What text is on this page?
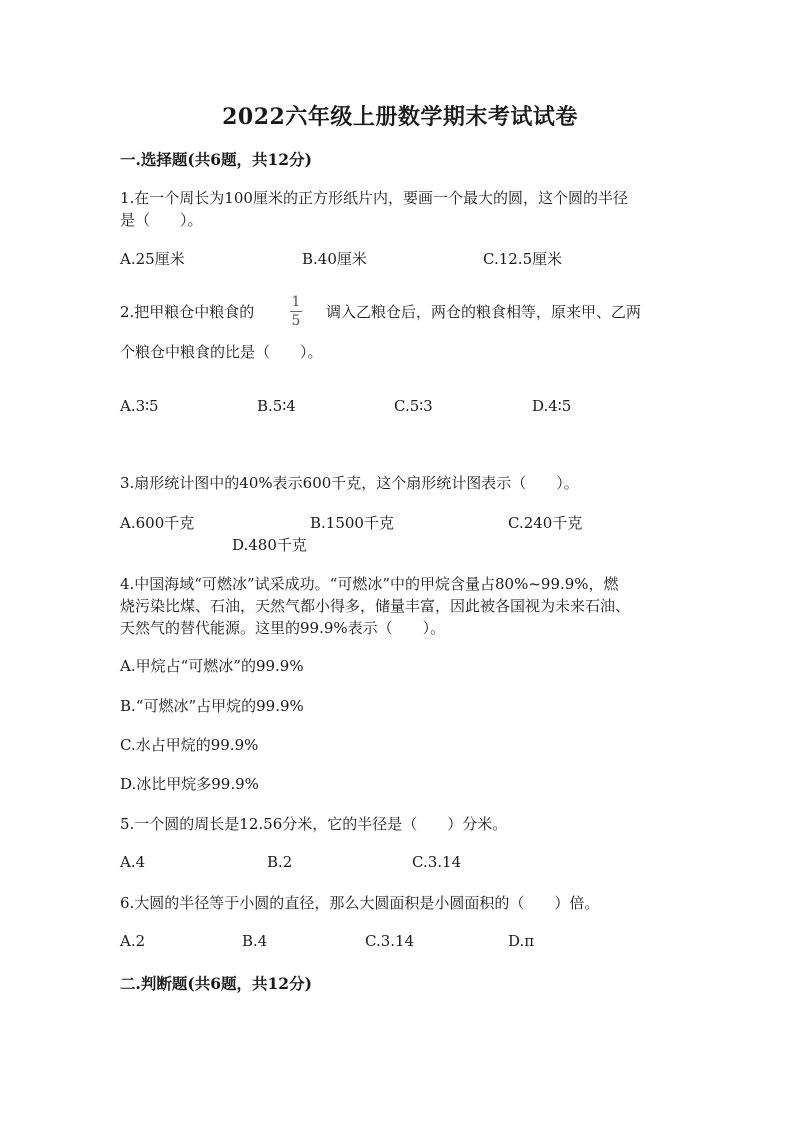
2022六年级上册数学期末考试试卷
一.选择题(共6题，共12分)
1.在一个周长为100厘米的正方形纸片内，要画一个最大的圆，这个圆的半径
是（　　）。
A.25厘米	B.40厘米	C.12.5厘米
2.把甲粮仓中粮食的
1
5 调入乙粮仓后，两仓的粮食相等，原来甲、乙两
个粮仓中粮食的比是（　　）。
A.3∶5	B.5∶4	C.5∶3	D.4∶5
3.扇形统计图中的40%表示600千克，这个扇形统计图表示（　　）。
A.600千克	B.1500千克	C.240千克
D.480千克
4.中国海域“可燃冰”试采成功。“可燃冰”中的甲烷含量占80%~99.9%，燃
烧污染比煤、石油，天然气都小得多，储量丰富，因此被各国视为未来石油、
天然气的替代能源。这里的99.9%表示（　　）。
A.甲烷占“可燃冰”的99.9%
B.“可燃冰”占甲烷的99.9%
C.水占甲烷的99.9%
D.冰比甲烷多99.9%
5.一个圆的周长是12.56分米，它的半径是（　　）分米。
A.4	B.2	C.3.14
6.大圆的半径等于小圆的直径，那么大圆面积是小圆面积的（　　）倍。
A.2	B.4	C.3.14	D.π
二.判断题(共6题，共12分)
